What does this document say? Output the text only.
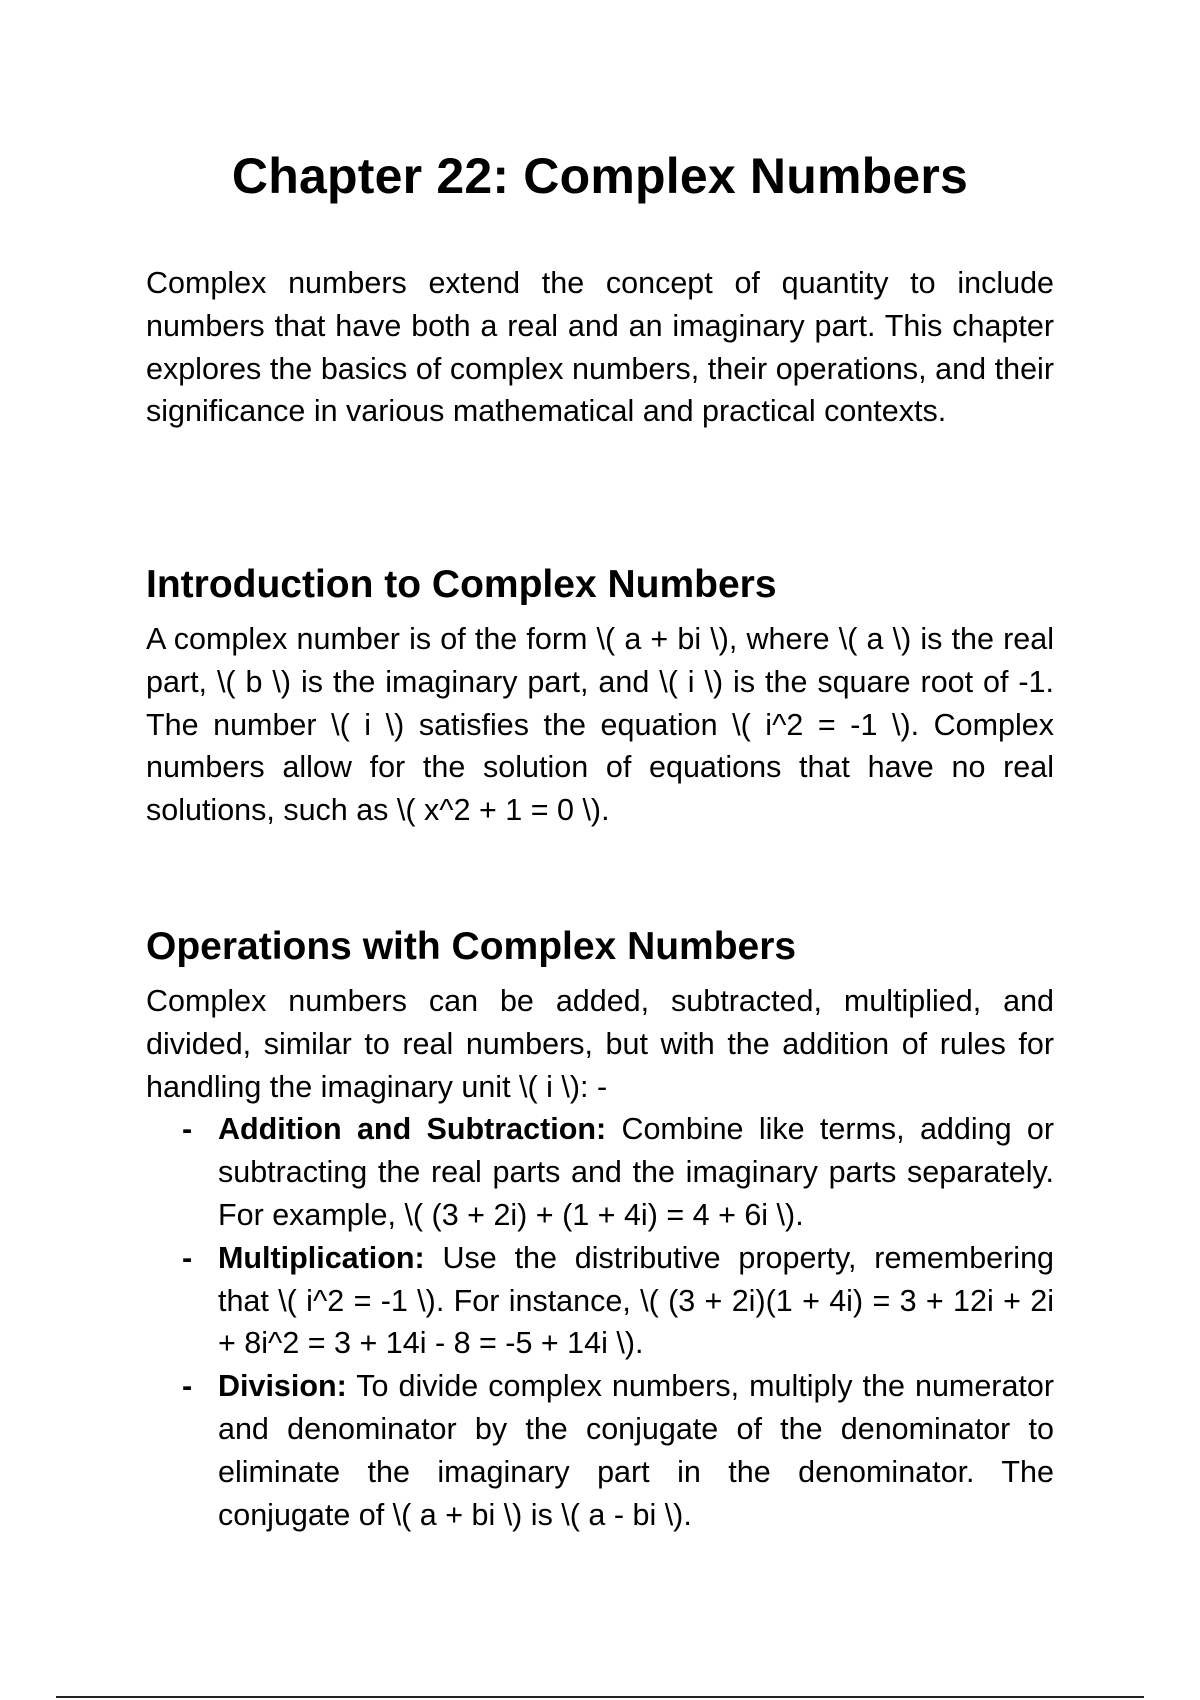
Chapter 22: Complex Numbers

Complex numbers extend the concept of quantity to include numbers that have both a real and an imaginary part. This chapter explores the basics of complex numbers, their operations, and their significance in various mathematical and practical contexts.

Introduction to Complex Numbers

A complex number is of the form \( a + bi \), where \( a \) is the real part, \( b \) is the imaginary part, and \( i \) is the square root of -1. The number \( i \) satisfies the equation \( i^2 = -1 \). Complex numbers allow for the solution of equations that have no real solutions, such as \( x^2 + 1 = 0 \).

Operations with Complex Numbers

Complex numbers can be added, subtracted, multiplied, and divided, similar to real numbers, but with the addition of rules for handling the imaginary unit \( i \): -

- Addition and Subtraction: Combine like terms, adding or subtracting the real parts and the imaginary parts separately. For example, \( (3 + 2i) + (1 + 4i) = 4 + 6i \).
- Multiplication: Use the distributive property, remembering that \( i^2 = -1 \). For instance, \( (3 + 2i)(1 + 4i) = 3 + 12i + 2i + 8i^2 = 3 + 14i - 8 = -5 + 14i \).
- Division: To divide complex numbers, multiply the numerator and denominator by the conjugate of the denominator to eliminate the imaginary part in the denominator. The conjugate of \( a + bi \) is \( a - bi \).
